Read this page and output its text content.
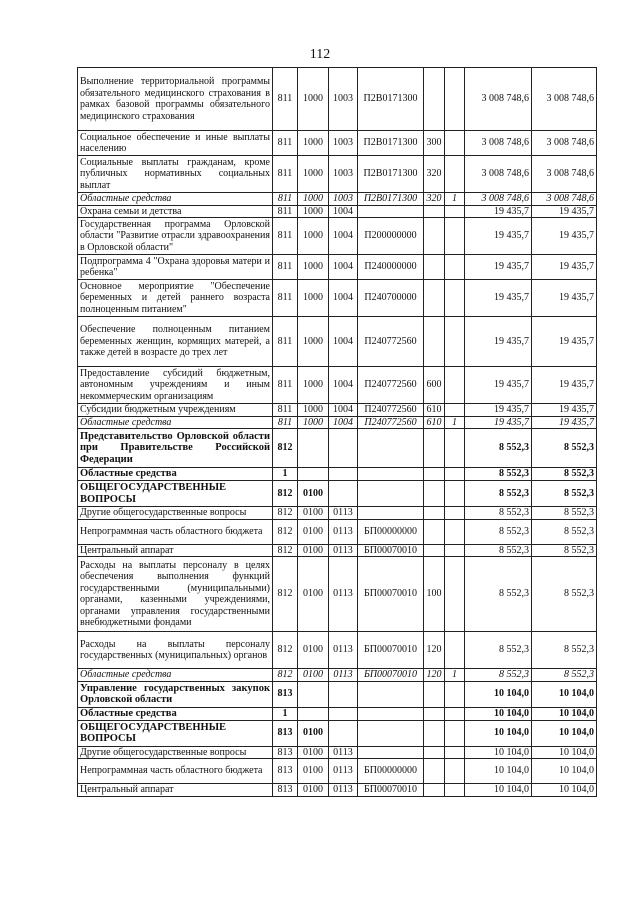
112
Выполнение территориальной программы обязательного медицинского страхования в рамках базовой программы обязательного медицинского страхования	811	1000	1003	П2В0171300			3 008 748,6	3 008 748,6
Социальное обеспечение и иные выплаты населению	811	1000	1003	П2В0171300	300		3 008 748,6	3 008 748,6
Социальные выплаты гражданам, кроме публичных нормативных социальных выплат	811	1000	1003	П2В0171300	320		3 008 748,6	3 008 748,6
Областные средства	811	1000	1003	П2В0171300	320	1	3 008 748,6	3 008 748,6
Охрана семьи и детства	811	1000	1004				19 435,7	19 435,7
Государственная программа Орловской области "Развитие отрасли здравоохранения в Орловской области"	811	1000	1004	П200000000			19 435,7	19 435,7
Подпрограмма 4 "Охрана здоровья матери и ребенка"	811	1000	1004	П240000000			19 435,7	19 435,7
Основное мероприятие "Обеспечение беременных и детей раннего возраста полноценным питанием"	811	1000	1004	П240700000			19 435,7	19 435,7
Обеспечение полноценным питанием беременных женщин, кормящих матерей, а также детей в возрасте до трех лет	811	1000	1004	П240772560			19 435,7	19 435,7
Предоставление субсидий бюджетным, автономным учреждениям и иным некоммерческим организациям	811	1000	1004	П240772560	600		19 435,7	19 435,7
Субсидии бюджетным учреждениям	811	1000	1004	П240772560	610		19 435,7	19 435,7
Областные средства	811	1000	1004	П240772560	610	1	19 435,7	19 435,7
Представительство Орловской области при Правительстве Российской Федерации	812						8 552,3	8 552,3
Областные средства	1						8 552,3	8 552,3
ОБЩЕГОСУДАРСТВЕННЫЕ ВОПРОСЫ	812	0100					8 552,3	8 552,3
Другие общегосударственные вопросы	812	0100	0113				8 552,3	8 552,3
Непрограммная часть областного бюджета	812	0100	0113	БП00000000			8 552,3	8 552,3
Центральный аппарат	812	0100	0113	БП00070010			8 552,3	8 552,3
Расходы на выплаты персоналу в целях обеспечения выполнения функций государственными (муниципальными) органами, казенными учреждениями, органами управления государственными внебюджетными фондами	812	0100	0113	БП00070010	100		8 552,3	8 552,3
Расходы на выплаты персоналу государственных (муниципальных) органов	812	0100	0113	БП00070010	120		8 552,3	8 552,3
Областные средства	812	0100	0113	БП00070010	120	1	8 552,3	8 552,3
Управление государственных закупок Орловской области	813						10 104,0	10 104,0
Областные средства	1						10 104,0	10 104,0
ОБЩЕГОСУДАРСТВЕННЫЕ ВОПРОСЫ	813	0100					10 104,0	10 104,0
Другие общегосударственные вопросы	813	0100	0113				10 104,0	10 104,0
Непрограммная часть областного бюджета	813	0100	0113	БП00000000			10 104,0	10 104,0
Центральный аппарат	813	0100	0113	БП00070010			10 104,0	10 104,0
